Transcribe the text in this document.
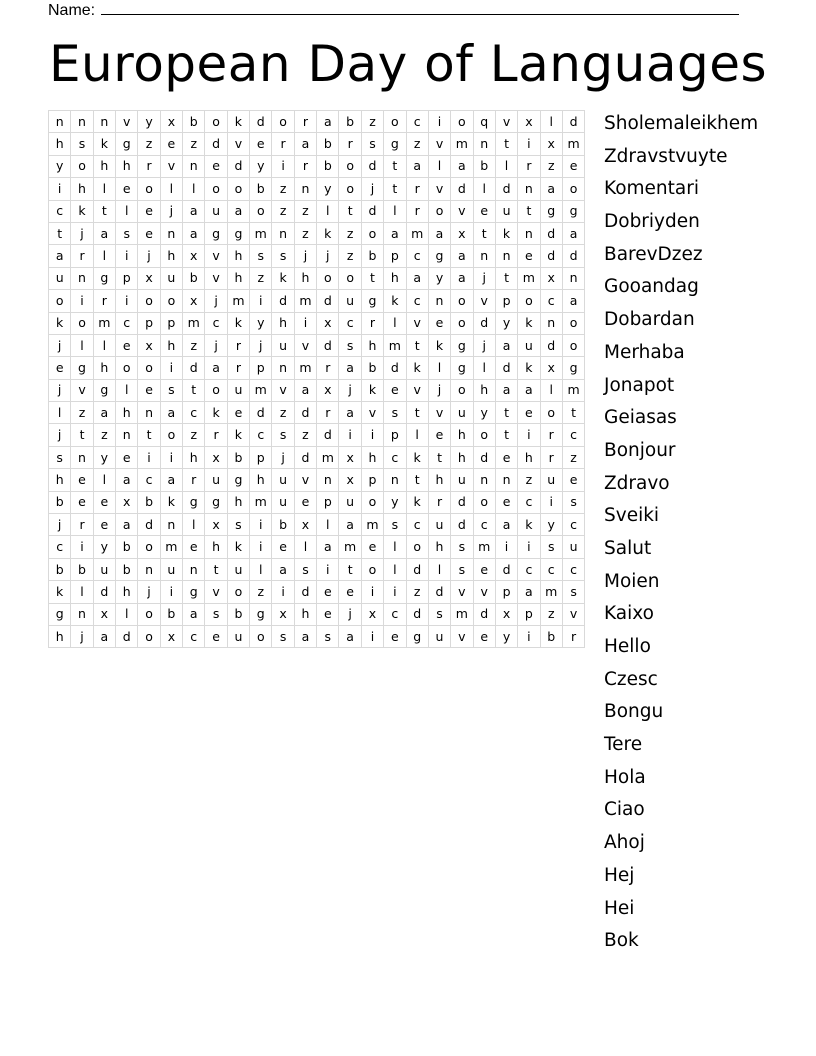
Name:
European Day of Languages
n	n	n	v	y	x	b	o	k	d	o	r	a	b	z	o	c	i	o	q	v	x	l	d
h	s	k	g	z	e	z	d	v	e	r	a	b	r	s	g	z	v	m	n	t	i	x	m
y	o	h	h	r	v	n	e	d	y	i	r	b	o	d	t	a	l	a	b	l	r	z	e
i	h	l	e	o	l	l	o	o	b	z	n	y	o	j	t	r	v	d	l	d	n	a	o
c	k	t	l	e	j	a	u	a	o	z	z	l	t	d	l	r	o	v	e	u	t	g	g
t	j	a	s	e	n	a	g	g	m	n	z	k	z	o	a	m	a	x	t	k	n	d	a
a	r	l	i	j	h	x	v	h	s	s	j	j	z	b	p	c	g	a	n	n	e	d	d
u	n	g	p	x	u	b	v	h	z	k	h	o	o	t	h	a	y	a	j	t	m	x	n
o	i	r	i	o	o	x	j	m	i	d	m	d	u	g	k	c	n	o	v	p	o	c	a
k	o	m	c	p	p	m	c	k	y	h	i	x	c	r	l	v	e	o	d	y	k	n	o
j	l	l	e	x	h	z	j	r	j	u	v	d	s	h	m	t	k	g	j	a	u	d	o
e	g	h	o	o	i	d	a	r	p	n	m	r	a	b	d	k	l	g	l	d	k	x	g
j	v	g	l	e	s	t	o	u	m	v	a	x	j	k	e	v	j	o	h	a	a	l	m
l	z	a	h	n	a	c	k	e	d	z	d	r	a	v	s	t	v	u	y	t	e	o	t
j	t	z	n	t	o	z	r	k	c	s	z	d	i	i	p	l	e	h	o	t	i	r	c
s	n	y	e	i	i	h	x	b	p	j	d	m	x	h	c	k	t	h	d	e	h	r	z
h	e	l	a	c	a	r	u	g	h	u	v	n	x	p	n	t	h	u	n	n	z	u	e
b	e	e	x	b	k	g	g	h	m	u	e	p	u	o	y	k	r	d	o	e	c	i	s
j	r	e	a	d	n	l	x	s	i	b	x	l	a	m	s	c	u	d	c	a	k	y	c
c	i	y	b	o	m	e	h	k	i	e	l	a	m	e	l	o	h	s	m	i	i	s	u
b	b	u	b	n	u	n	t	u	l	a	s	i	t	o	l	d	l	s	e	d	c	c	c
k	l	d	h	j	i	g	v	o	z	i	d	e	e	i	i	z	d	v	v	p	a	m	s
g	n	x	l	o	b	a	s	b	g	x	h	e	j	x	c	d	s	m	d	x	p	z	v
h	j	a	d	o	x	c	e	u	o	s	a	s	a	i	e	g	u	v	e	y	i	b	r
Sholemaleikhem
Zdravstvuyte
Komentari
Dobriyden
BarevDzez
Gooandag
Dobardan
Merhaba
Jonapot
Geiasas
Bonjour
Zdravo
Sveiki
Salut
Moien
Kaixo
Hello
Czesc
Bongu
Tere
Hola
Ciao
Ahoj
Hej
Hei
Bok
